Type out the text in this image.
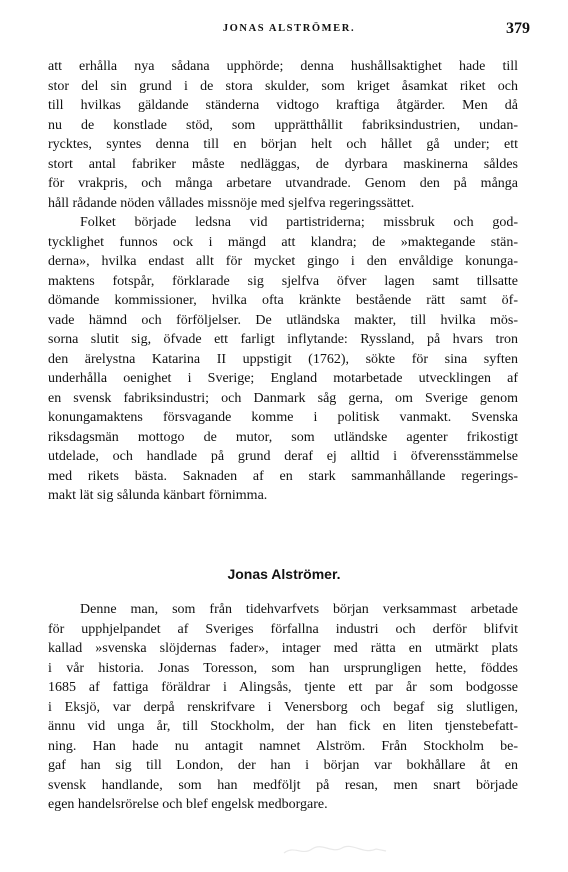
JONAS ALSTRÖMER.	379

att erhålla nya sådana upphörde; denna hushållsaktighet hade till
stor del sin grund i de stora skulder, som kriget åsamkat riket och
till hvilkas gäldande ständerna vidtogo kraftiga åtgärder. Men då
nu de konstlade stöd, som upprätthållit fabriksindustrien, undan-
rycktes, syntes denna till en början helt och hållet gå under; ett
stort antal fabriker måste nedläggas, de dyrbara maskinerna såldes
för vrakpris, och många arbetare utvandrade. Genom den på många
håll rådande nöden vållades missnöje med sjelfva regeringssättet.

Folket började ledsna vid partistriderna; missbruk och god-
tycklighet funnos ock i mängd att klandra; de »maktegande stän-
derna», hvilka endast allt för mycket gingo i den envåldige konunga-
maktens fotspår, förklarade sig sjelfva öfver lagen samt tillsatte
dömande kommissioner, hvilka ofta kränkte bestående rätt samt öf-
vade hämnd och förföljelser. De utländska makter, till hvilka mös-
sorna slutit sig, öfvade ett farligt inflytande: Ryssland, på hvars tron
den ärelystna Katarina II uppstigit (1762), sökte för sina syften
underhålla oenighet i Sverige; England motarbetade utvecklingen af
en svensk fabriksindustri; och Danmark såg gerna, om Sverige genom
konungamaktens försvagande komme i politisk vanmakt. Svenska
riksdagsmän mottogo de mutor, som utländske agenter frikostigt
utdelade, och handlade på grund deraf ej alltid i öfverensstämmelse
med rikets bästa. Saknaden af en stark sammanhållande regerings-
makt lät sig sålunda känbart förnimma.

Jonas Alströmer.

Denne man, som från tidehvarfvets början verksammast arbetade
för upphjelpandet af Sveriges förfallna industri och derför blifvit
kallad »svenska slöjdernas fader», intager med rätta en utmärkt plats
i vår historia. Jonas Toresson, som han ursprungligen hette, föddes
1685 af fattiga föräldrar i Alingsås, tjente ett par år som bodgosse
i Eksjö, var derpå renskrifvare i Venersborg och begaf sig slutligen,
ännu vid unga år, till Stockholm, der han fick en liten tjenstebefatt-
ning. Han hade nu antagit namnet Alström. Från Stockholm be-
gaf han sig till London, der han i början var bokhållare åt en
svensk handlande, som han medföljt på resan, men snart började
egen handelsrörelse och blef engelsk medborgare.
